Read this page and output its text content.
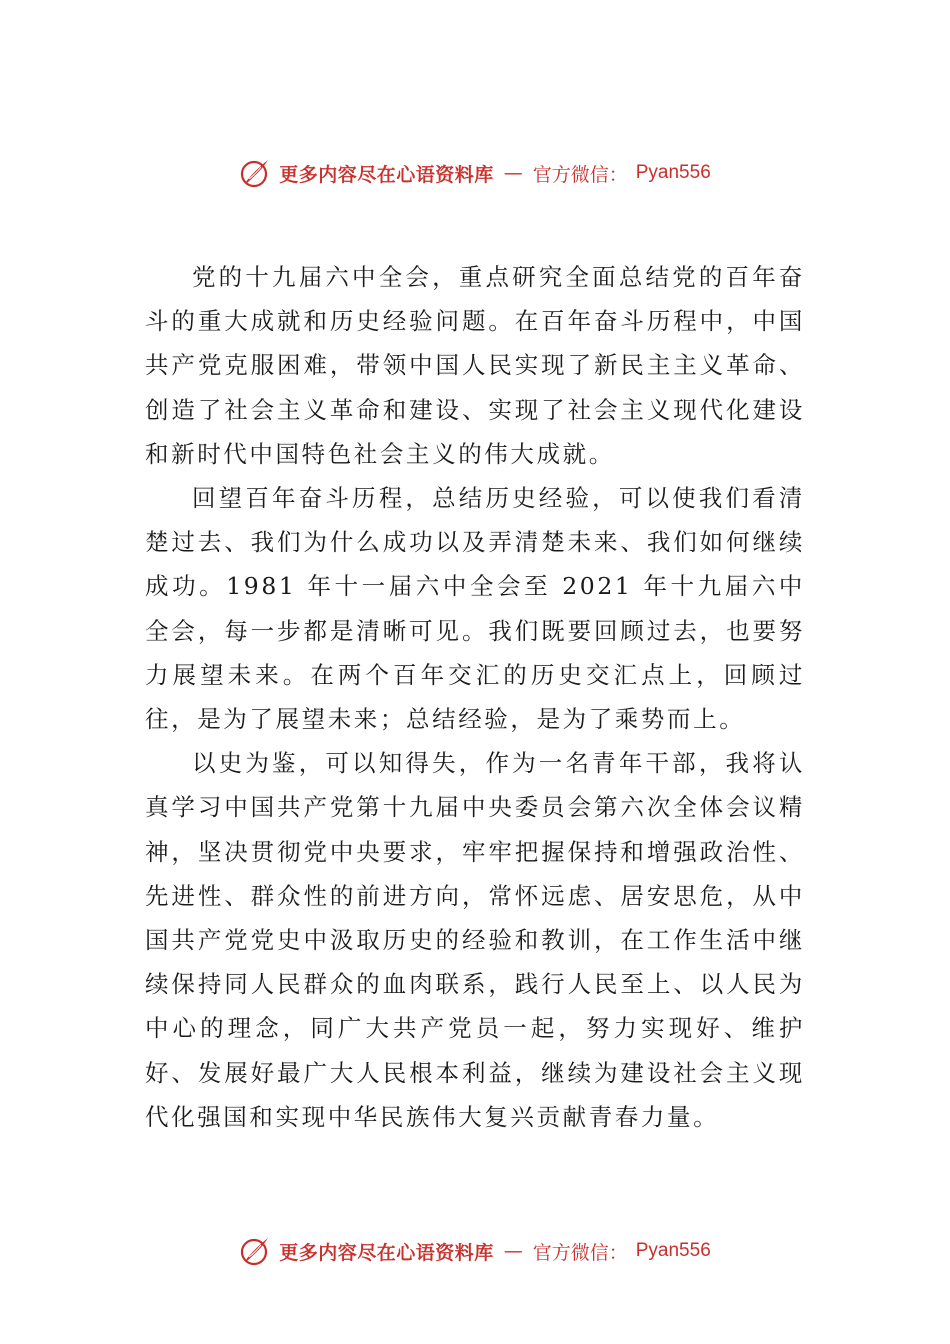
更多内容尽在心语资料库 — 官方微信： Pyan556

党的十九届六中全会，重点研究全面总结党的百年奋斗的重大成就和历史经验问题。在百年奋斗历程中，中国共产党克服困难，带领中国人民实现了新民主主义革命、创造了社会主义革命和建设、实现了社会主义现代化建设和新时代中国特色社会主义的伟大成就。

回望百年奋斗历程，总结历史经验，可以使我们看清楚过去、我们为什么成功以及弄清楚未来、我们如何继续成功。1981 年十一届六中全会至 2021 年十九届六中全会，每一步都是清晰可见。我们既要回顾过去，也要努力展望未来。在两个百年交汇的历史交汇点上，回顾过往，是为了展望未来；总结经验，是为了乘势而上。

以史为鉴，可以知得失，作为一名青年干部，我将认真学习中国共产党第十九届中央委员会第六次全体会议精神，坚决贯彻党中央要求，牢牢把握保持和增强政治性、先进性、群众性的前进方向，常怀远虑、居安思危，从中国共产党党史中汲取历史的经验和教训，在工作生活中继续保持同人民群众的血肉联系，践行人民至上、以人民为中心的理念，同广大共产党员一起，努力实现好、维护好、发展好最广大人民根本利益，继续为建设社会主义现代化强国和实现中华民族伟大复兴贡献青春力量。

更多内容尽在心语资料库 — 官方微信： Pyan556
